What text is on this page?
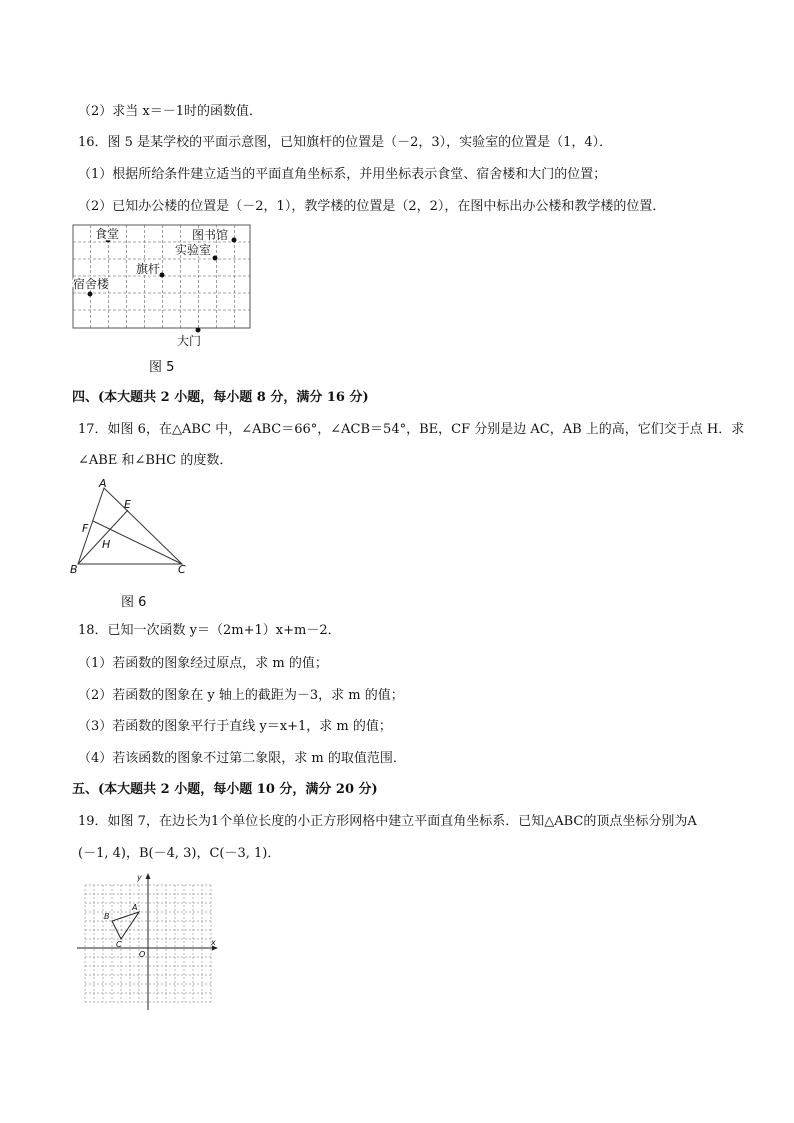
（2）求当 x＝－1时的函数值．
16．图 5 是某学校的平面示意图，已知旗杆的位置是（－2，3），实验室的位置是（1，4）．
（1）根据所给条件建立适当的平面直角坐标系，并用坐标表示食堂、宿舍楼和大门的位置；
（2）已知办公楼的位置是（－2，1），教学楼的位置是（2，2），在图中标出办公楼和教学楼的位置．
食堂	图书馆
实验室
旗杆
宿舍楼
大门
图 5
四、(本大题共 2 小题，每小题 8 分，满分 16 分)
17．如图 6，在△ABC 中，∠ABC＝66°，∠ACB＝54°，BE，CF 分别是边 AC，AB 上的高，它们交于点 H．求
∠ABE 和∠BHC 的度数．
A
E
F
H
B	C
图 6
18．已知一次函数 y＝（2m+1）x+m－2．
（1）若函数的图象经过原点，求 m 的值；
（2）若函数的图象在 y 轴上的截距为－3，求 m 的值；
（3）若函数的图象平行于直线 y＝x+1，求 m 的值；
（4）若该函数的图象不过第二象限，求 m 的取值范围．
五、(本大题共 2 小题，每小题 10 分，满分 20 分)
19．如图 7，在边长为1个单位长度的小正方形网格中建立平面直角坐标系．已知△ABC的顶点坐标分别为A
(－1, 4)，B(－4, 3)，C(－3, 1)．
x
y
O
A
B
C
